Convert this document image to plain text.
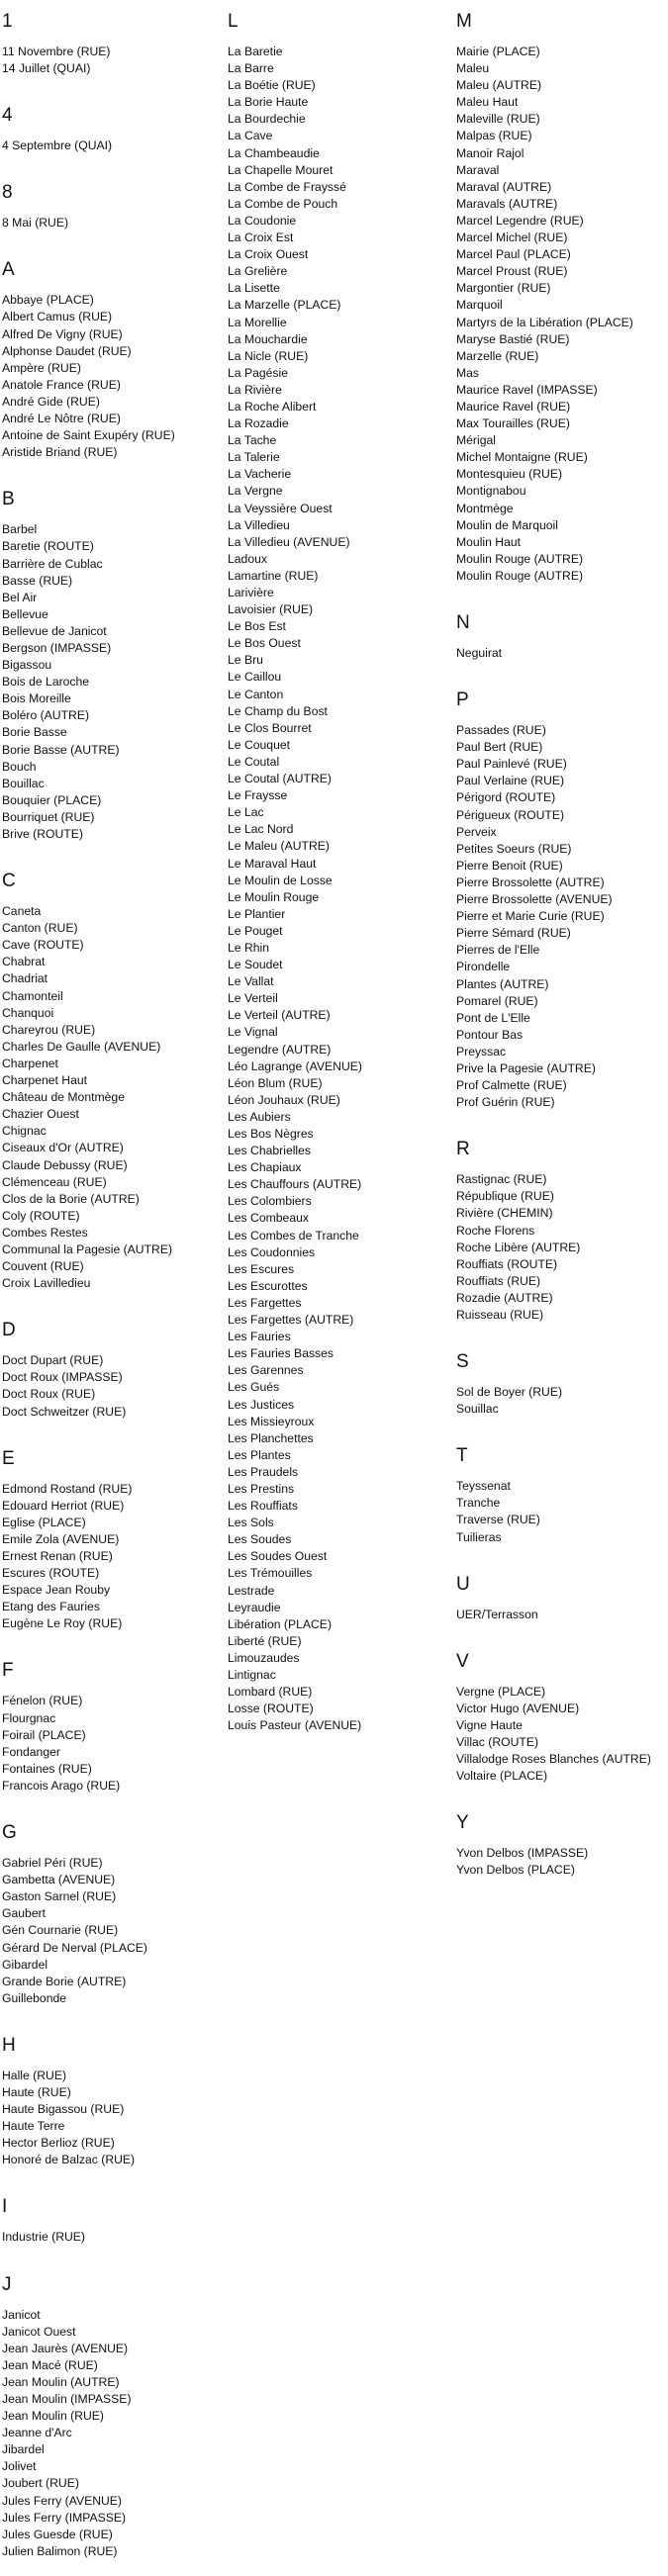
1
11 Novembre (RUE)
14 Juillet (QUAI)
4
4 Septembre (QUAI)
8
8 Mai (RUE)
A
Abbaye (PLACE)
Albert Camus (RUE)
Alfred De Vigny (RUE)
Alphonse Daudet (RUE)
Ampère (RUE)
Anatole France (RUE)
André Gide (RUE)
André Le Nôtre (RUE)
Antoine de Saint Exupéry (RUE)
Aristide Briand (RUE)
B
Barbel
Baretie (ROUTE)
Barrière de Cublac
Basse (RUE)
Bel Air
Bellevue
Bellevue de Janicot
Bergson (IMPASSE)
Bigassou
Bois de Laroche
Bois Moreille
Boléro (AUTRE)
Borie Basse
Borie Basse (AUTRE)
Bouch
Bouillac
Bouquier (PLACE)
Bourriquet (RUE)
Brive (ROUTE)
C
Caneta
Canton (RUE)
Cave (ROUTE)
Chabrat
Chadriat
Chamonteil
Chanquoi
Chareyrou (RUE)
Charles De Gaulle (AVENUE)
Charpenet
Charpenet Haut
Château de Montmège
Chazier Ouest
Chignac
Ciseaux d'Or (AUTRE)
Claude Debussy (RUE)
Clémenceau (RUE)
Clos de la Borie (AUTRE)
Coly (ROUTE)
Combes Restes
Communal la Pagesie (AUTRE)
Couvent (RUE)
Croix Lavilledieu
D
Doct Dupart (RUE)
Doct Roux (IMPASSE)
Doct Roux (RUE)
Doct Schweitzer (RUE)
E
Edmond Rostand (RUE)
Edouard Herriot (RUE)
Eglise (PLACE)
Emile Zola (AVENUE)
Ernest Renan (RUE)
Escures (ROUTE)
Espace Jean Rouby
Etang des Fauries
Eugène Le Roy (RUE)
F
Fénelon (RUE)
Flourgnac
Foirail (PLACE)
Fondanger
Fontaines (RUE)
Francois Arago (RUE)
G
Gabriel Péri (RUE)
Gambetta (AVENUE)
Gaston Sarnel (RUE)
Gaubert
Gén Cournarie (RUE)
Gérard De Nerval (PLACE)
Gibardel
Grande Borie (AUTRE)
Guillebonde
H
Halle (RUE)
Haute (RUE)
Haute Bigassou (RUE)
Haute Terre
Hector Berlioz (RUE)
Honoré de Balzac (RUE)
I
Industrie (RUE)
J
Janicot
Janicot Ouest
Jean Jaurès (AVENUE)
Jean Macé (RUE)
Jean Moulin (AUTRE)
Jean Moulin (IMPASSE)
Jean Moulin (RUE)
Jeanne d'Arc
Jibardel
Jolivet
Joubert (RUE)
Jules Ferry (AVENUE)
Jules Ferry (IMPASSE)
Jules Guesde (RUE)
Julien Balimon (RUE)
L
La Baretie
La Barre
La Boétie (RUE)
La Borie Haute
La Bourdechie
La Cave
La Chambeaudie
La Chapelle Mouret
La Combe de Frayssé
La Combe de Pouch
La Coudonie
La Croix Est
La Croix Ouest
La Grelière
La Lisette
La Marzelle (PLACE)
La Morellie
La Mouchardie
La Nicle (RUE)
La Pagésie
La Rivière
La Roche Alibert
La Rozadie
La Tache
La Talerie
La Vacherie
La Vergne
La Veyssière Ouest
La Villedieu
La Villedieu (AVENUE)
Ladoux
Lamartine (RUE)
Larivière
Lavoisier (RUE)
Le Bos Est
Le Bos Ouest
Le Bru
Le Caillou
Le Canton
Le Champ du Bost
Le Clos Bourret
Le Couquet
Le Coutal
Le Coutal (AUTRE)
Le Fraysse
Le Lac
Le Lac Nord
Le Maleu (AUTRE)
Le Maraval Haut
Le Moulin de Losse
Le Moulin Rouge
Le Plantier
Le Pouget
Le Rhin
Le Soudet
Le Vallat
Le Verteil
Le Verteil (AUTRE)
Le Vignal
Legendre (AUTRE)
Léo Lagrange (AVENUE)
Léon Blum (RUE)
Léon Jouhaux (RUE)
Les Aubiers
Les Bos Nègres
Les Chabrielles
Les Chapiaux
Les Chauffours (AUTRE)
Les Colombiers
Les Combeaux
Les Combes de Tranche
Les Coudonnies
Les Escures
Les Escurottes
Les Fargettes
Les Fargettes (AUTRE)
Les Fauries
Les Fauries Basses
Les Garennes
Les Gués
Les Justices
Les Missieyroux
Les Planchettes
Les Plantes
Les Praudels
Les Prestins
Les Rouffiats
Les Sols
Les Soudes
Les Soudes Ouest
Les Trémouilles
Lestrade
Leyraudie
Libération (PLACE)
Liberté (RUE)
Limouzaudes
Lintignac
Lombard (RUE)
Losse (ROUTE)
Louis Pasteur (AVENUE)
M
Mairie (PLACE)
Maleu
Maleu (AUTRE)
Maleu Haut
Maleville (RUE)
Malpas (RUE)
Manoir Rajol
Maraval
Maraval (AUTRE)
Maravals (AUTRE)
Marcel Legendre (RUE)
Marcel Michel (RUE)
Marcel Paul (PLACE)
Marcel Proust (RUE)
Margontier (RUE)
Marquoil
Martyrs de la Libération (PLACE)
Maryse Bastié (RUE)
Marzelle (RUE)
Mas
Maurice Ravel (IMPASSE)
Maurice Ravel (RUE)
Max Tourailles (RUE)
Mérigal
Michel Montaigne (RUE)
Montesquieu (RUE)
Montignabou
Montmège
Moulin de Marquoil
Moulin Haut
Moulin Rouge (AUTRE)
Moulin Rouge (AUTRE)
N
Neguirat
P
Passades (RUE)
Paul Bert (RUE)
Paul Painlevé (RUE)
Paul Verlaine (RUE)
Périgord (ROUTE)
Périgueux (ROUTE)
Perveix
Petites Soeurs (RUE)
Pierre Benoit (RUE)
Pierre Brossolette (AUTRE)
Pierre Brossolette (AVENUE)
Pierre et Marie Curie (RUE)
Pierre Sémard (RUE)
Pierres de l'Elle
Pirondelle
Plantes (AUTRE)
Pomarel (RUE)
Pont de L'Elle
Pontour Bas
Preyssac
Prive la Pagesie (AUTRE)
Prof Calmette (RUE)
Prof Guérin (RUE)
R
Rastignac (RUE)
République (RUE)
Rivière (CHEMIN)
Roche Florens
Roche Libère (AUTRE)
Rouffiats (ROUTE)
Rouffiats (RUE)
Rozadie (AUTRE)
Ruisseau (RUE)
S
Sol de Boyer (RUE)
Souillac
T
Teyssenat
Tranche
Traverse (RUE)
Tuilieras
U
UER/Terrasson
V
Vergne (PLACE)
Victor Hugo (AVENUE)
Vigne Haute
Villac (ROUTE)
Villalodge Roses Blanches (AUTRE)
Voltaire (PLACE)
Y
Yvon Delbos (IMPASSE)
Yvon Delbos (PLACE)
